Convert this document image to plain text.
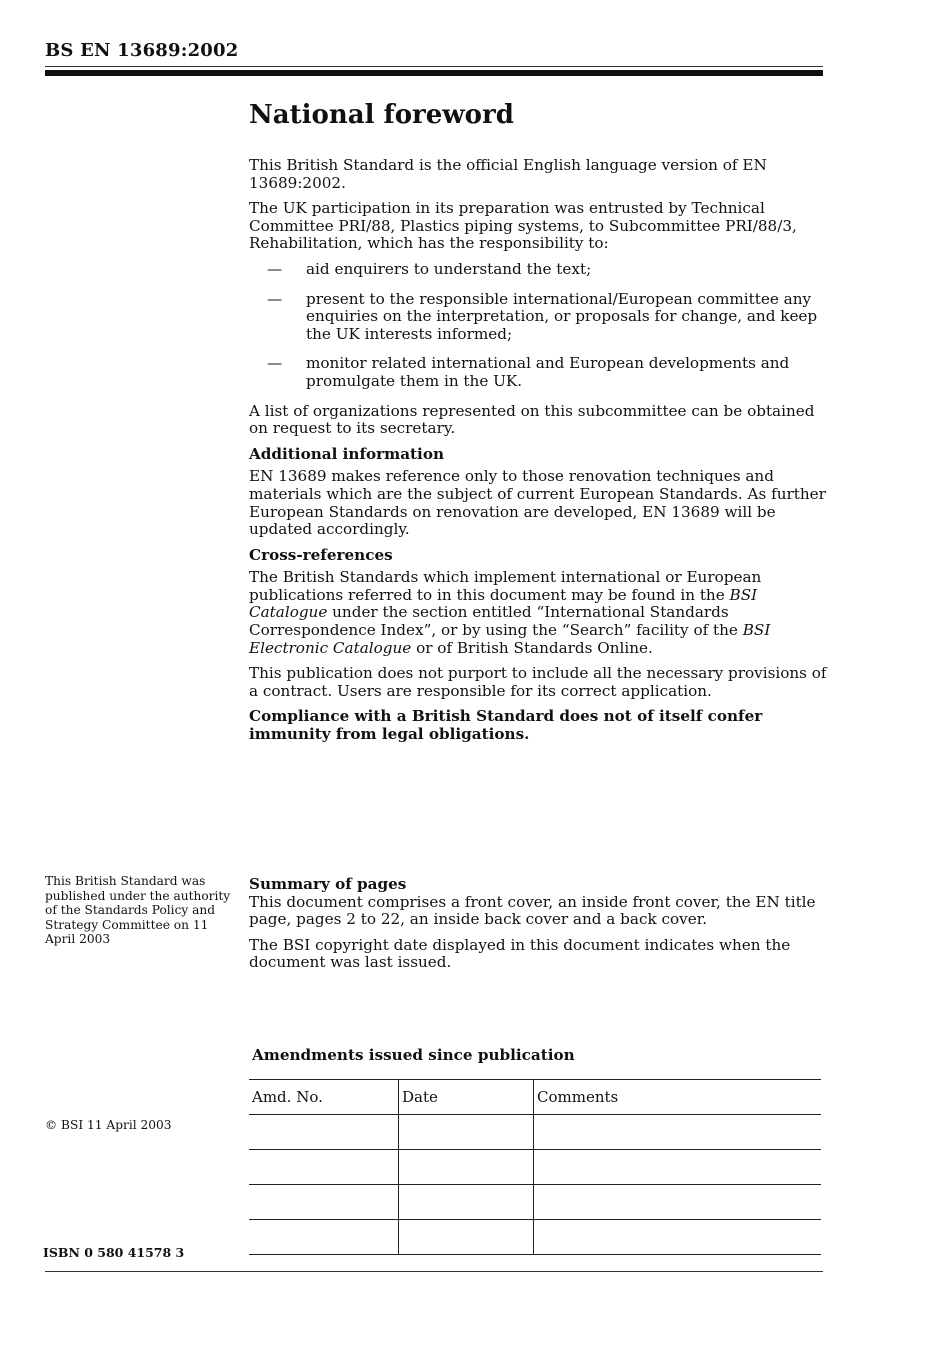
BS EN 13689:2002
National foreword

This British Standard is the official English language version of EN 13689:2002.

The UK participation in its preparation was entrusted by Technical Committee PRI/88, Plastics piping systems, to Subcommittee PRI/88/3, Rehabilitation, which has the responsibility to:

— aid enquirers to understand the text;
— present to the responsible international/European committee any enquiries on the interpretation, or proposals for change, and keep the UK interests informed;
— monitor related international and European developments and promulgate them in the UK.

A list of organizations represented on this subcommittee can be obtained on request to its secretary.

Additional information

EN 13689 makes reference only to those renovation techniques and materials which are the subject of current European Standards. As further European Standards on renovation are developed, EN 13689 will be updated accordingly.

Cross-references

The British Standards which implement international or European publications referred to in this document may be found in the BSI Catalogue under the section entitled “International Standards Correspondence Index”, or by using the “Search” facility of the BSI Electronic Catalogue or of British Standards Online.

This publication does not purport to include all the necessary provisions of a contract. Users are responsible for its correct application.

Compliance with a British Standard does not of itself confer immunity from legal obligations.

This British Standard was published under the authority of the Standards Policy and Strategy Committee on 11 April 2003
Summary of pages

This document comprises a front cover, an inside front cover, the EN title page, pages 2 to 22, an inside back cover and a back cover.

The BSI copyright date displayed in this document indicates when the document was last issued.

Amendments issued since publication
Amd. No.	Date	Comments

© BSI 11 April 2003
ISBN 0 580 41578 3
